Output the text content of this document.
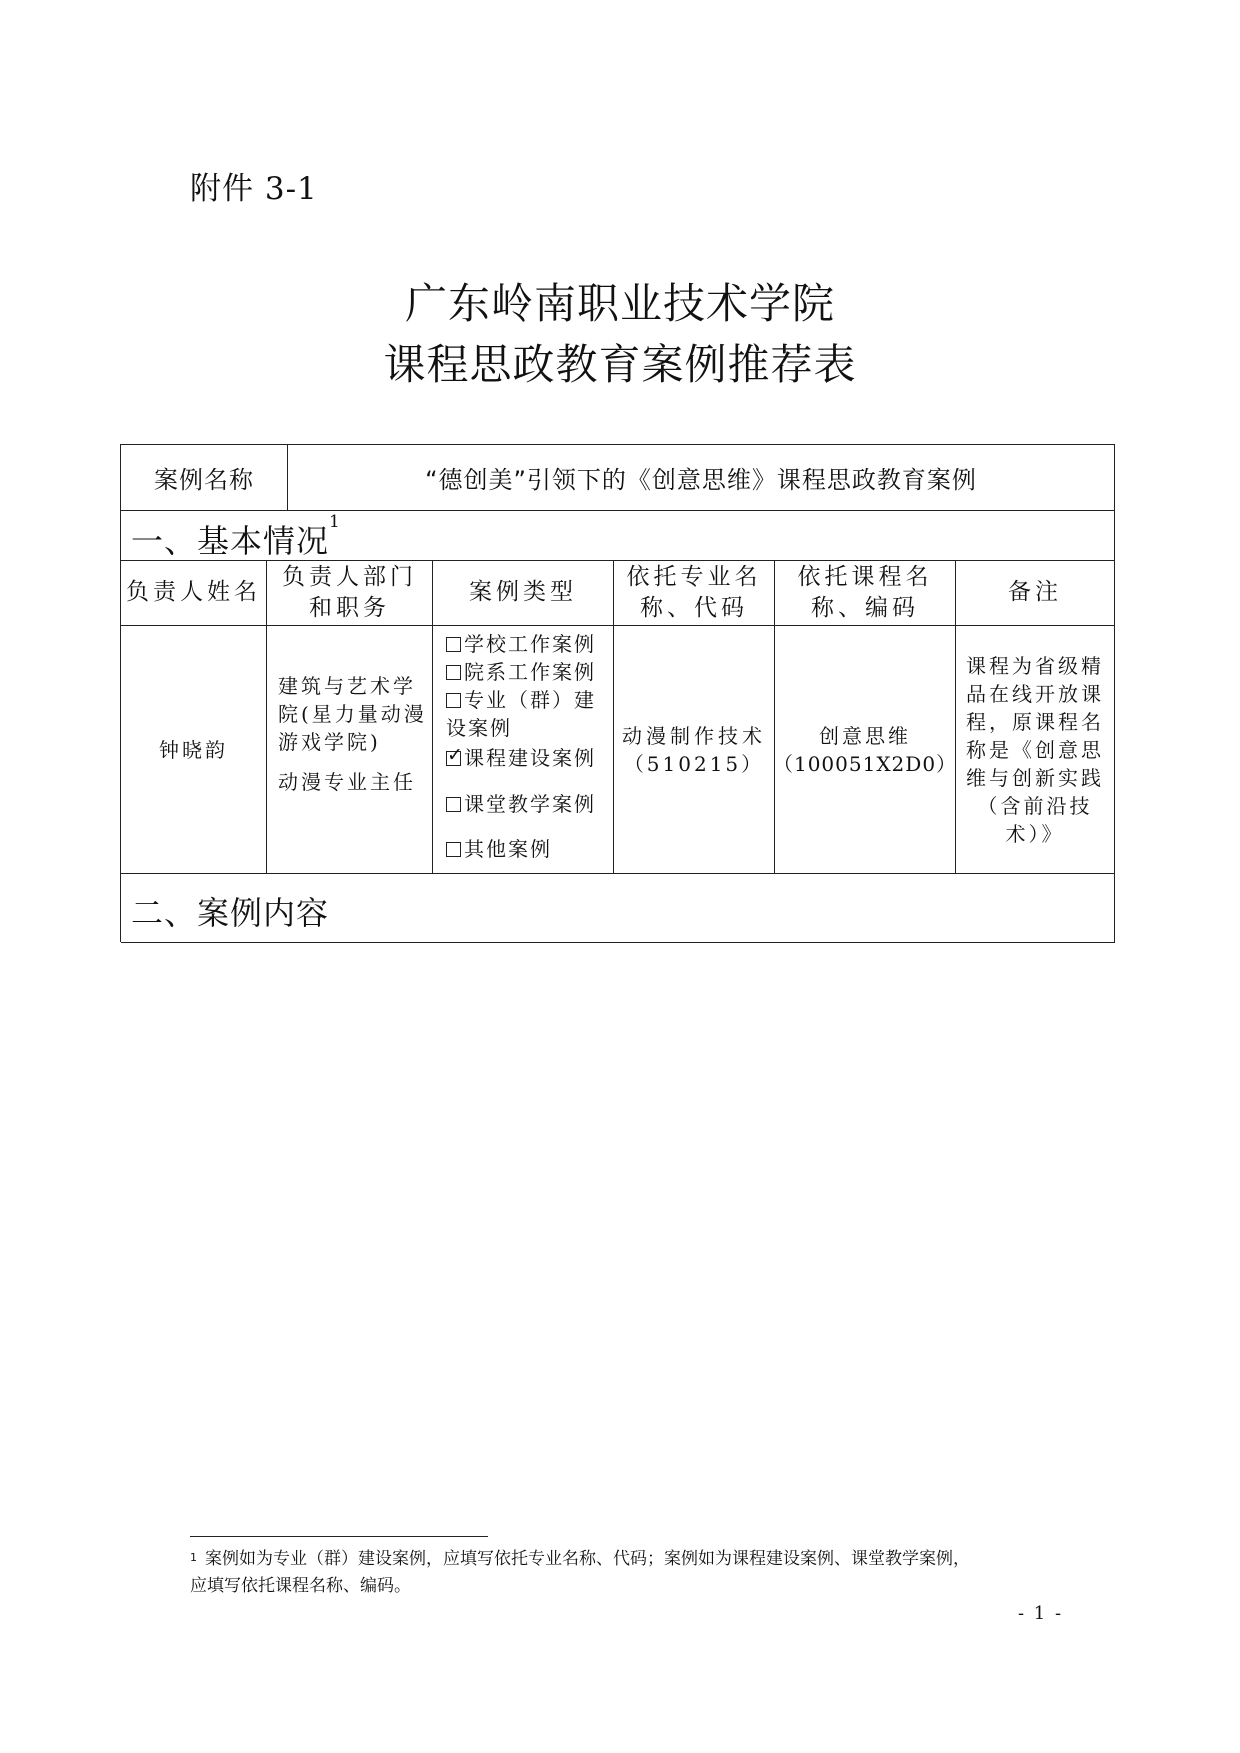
附件 3-1
广东岭南职业技术学院
课程思政教育案例推荐表
案例名称	“德创美”引领下的《创意思维》课程思政教育案例
一、基本情况$^1$
负责人姓名
负责人部门
和职务
案例类型
依托专业名
称、代码
依托课程名
称、编码
备注
钟晓韵
建筑与艺术学
院(星力量动漫
游戏学院)
动漫专业主任
学校工作案例
院系工作案例
专业（群）建
设案例
✓课程建设案例
课堂教学案例
其他案例
动漫制作技术
（510215）
创意思维
（100051X2D0）
课程为省级精
品在线开放课
程，原课程名
称是《创意思
维与创新实践
（含前沿技
术）》
二、案例内容
$^1$ 案例如为专业（群）建设案例，应填写依托专业名称、代码；案例如为课程建设案例、课堂教学案例，
应填写依托课程名称、编码。
- 1 -
